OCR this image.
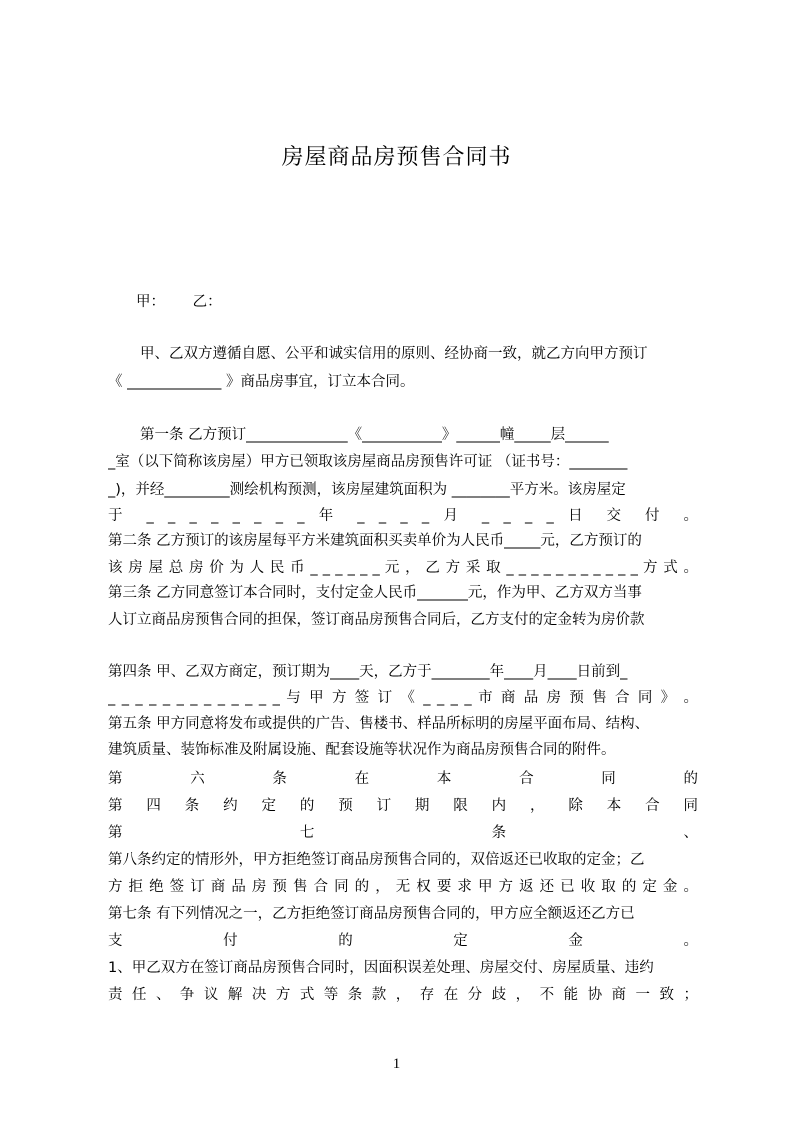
房屋商品房预售合同书
甲：      乙：
甲、乙双方遵循自愿、公平和诚实信用的原则、经协商一致，就乙方向甲方预订
《 _____________ 》商品房事宜，订立本合同。
第一条 乙方预订______________《___________》______幢_____层______
_室（以下简称该房屋）甲方已领取该房屋商品房预售许可证 （证书号：________
_)，并经_________测绘机构预测，该房屋建筑面积为 ________平方米。该房屋定
于 _ _ _ _ _ _ _ _ 年 _ _ _ _ 月 _ _ _ _ 日 交 付 。
第二条 乙方预订的该房屋每平方米建筑面积买卖单价为人民币_____元，乙方预订的
该 房 屋 总 房 价 为 人 民 币 _ _ _ _ _ _ 元 ， 乙 方 采 取 _ _ _ _ _ _ _ _ _ _ _ 方 式 。
第三条 乙方同意签订本合同时，支付定金人民币_______元，作为甲、乙方双方当事
人订立商品房预售合同的担保，签订商品房预售合同后，乙方支付的定金转为房价款
第四条 甲、乙双方商定，预订期为____天，乙方于________年____月____日前到_
_ _ _ _ _ _ _ _ _ _ _ _ _ 与 甲 方 签 订 《 _ _ _ _ 市 商 品 房 预 售 合 同 》 。
第五条 甲方同意将发布或提供的广告、售楼书、样品所标明的房屋平面布局、结构、
建筑质量、装饰标准及附属设施、配套设施等状况作为商品房预售合同的附件。
第 六 条 在 本 合 同 的
第 四 条 约 定 的 预 订 期 限 内 ， 除 本 合 同
第 七 条 、
第八条约定的情形外，甲方拒绝签订商品房预售合同的，双倍返还已收取的定金；乙
方 拒 绝 签 订 商 品 房 预 售 合 同 的 ， 无 权 要 求 甲 方 返 还 已 收 取 的 定 金 。
第七条 有下列情况之一，乙方拒绝签订商品房预售合同的，甲方应全额返还乙方已
支 付 的 定 金 。
1、甲乙双方在签订商品房预售合同时，因面积误差处理、房屋交付、房屋质量、违约
责 任 、 争 议 解 决 方 式 等 条 款 ， 存 在 分 歧 ， 不 能 协 商 一 致 ；
1
